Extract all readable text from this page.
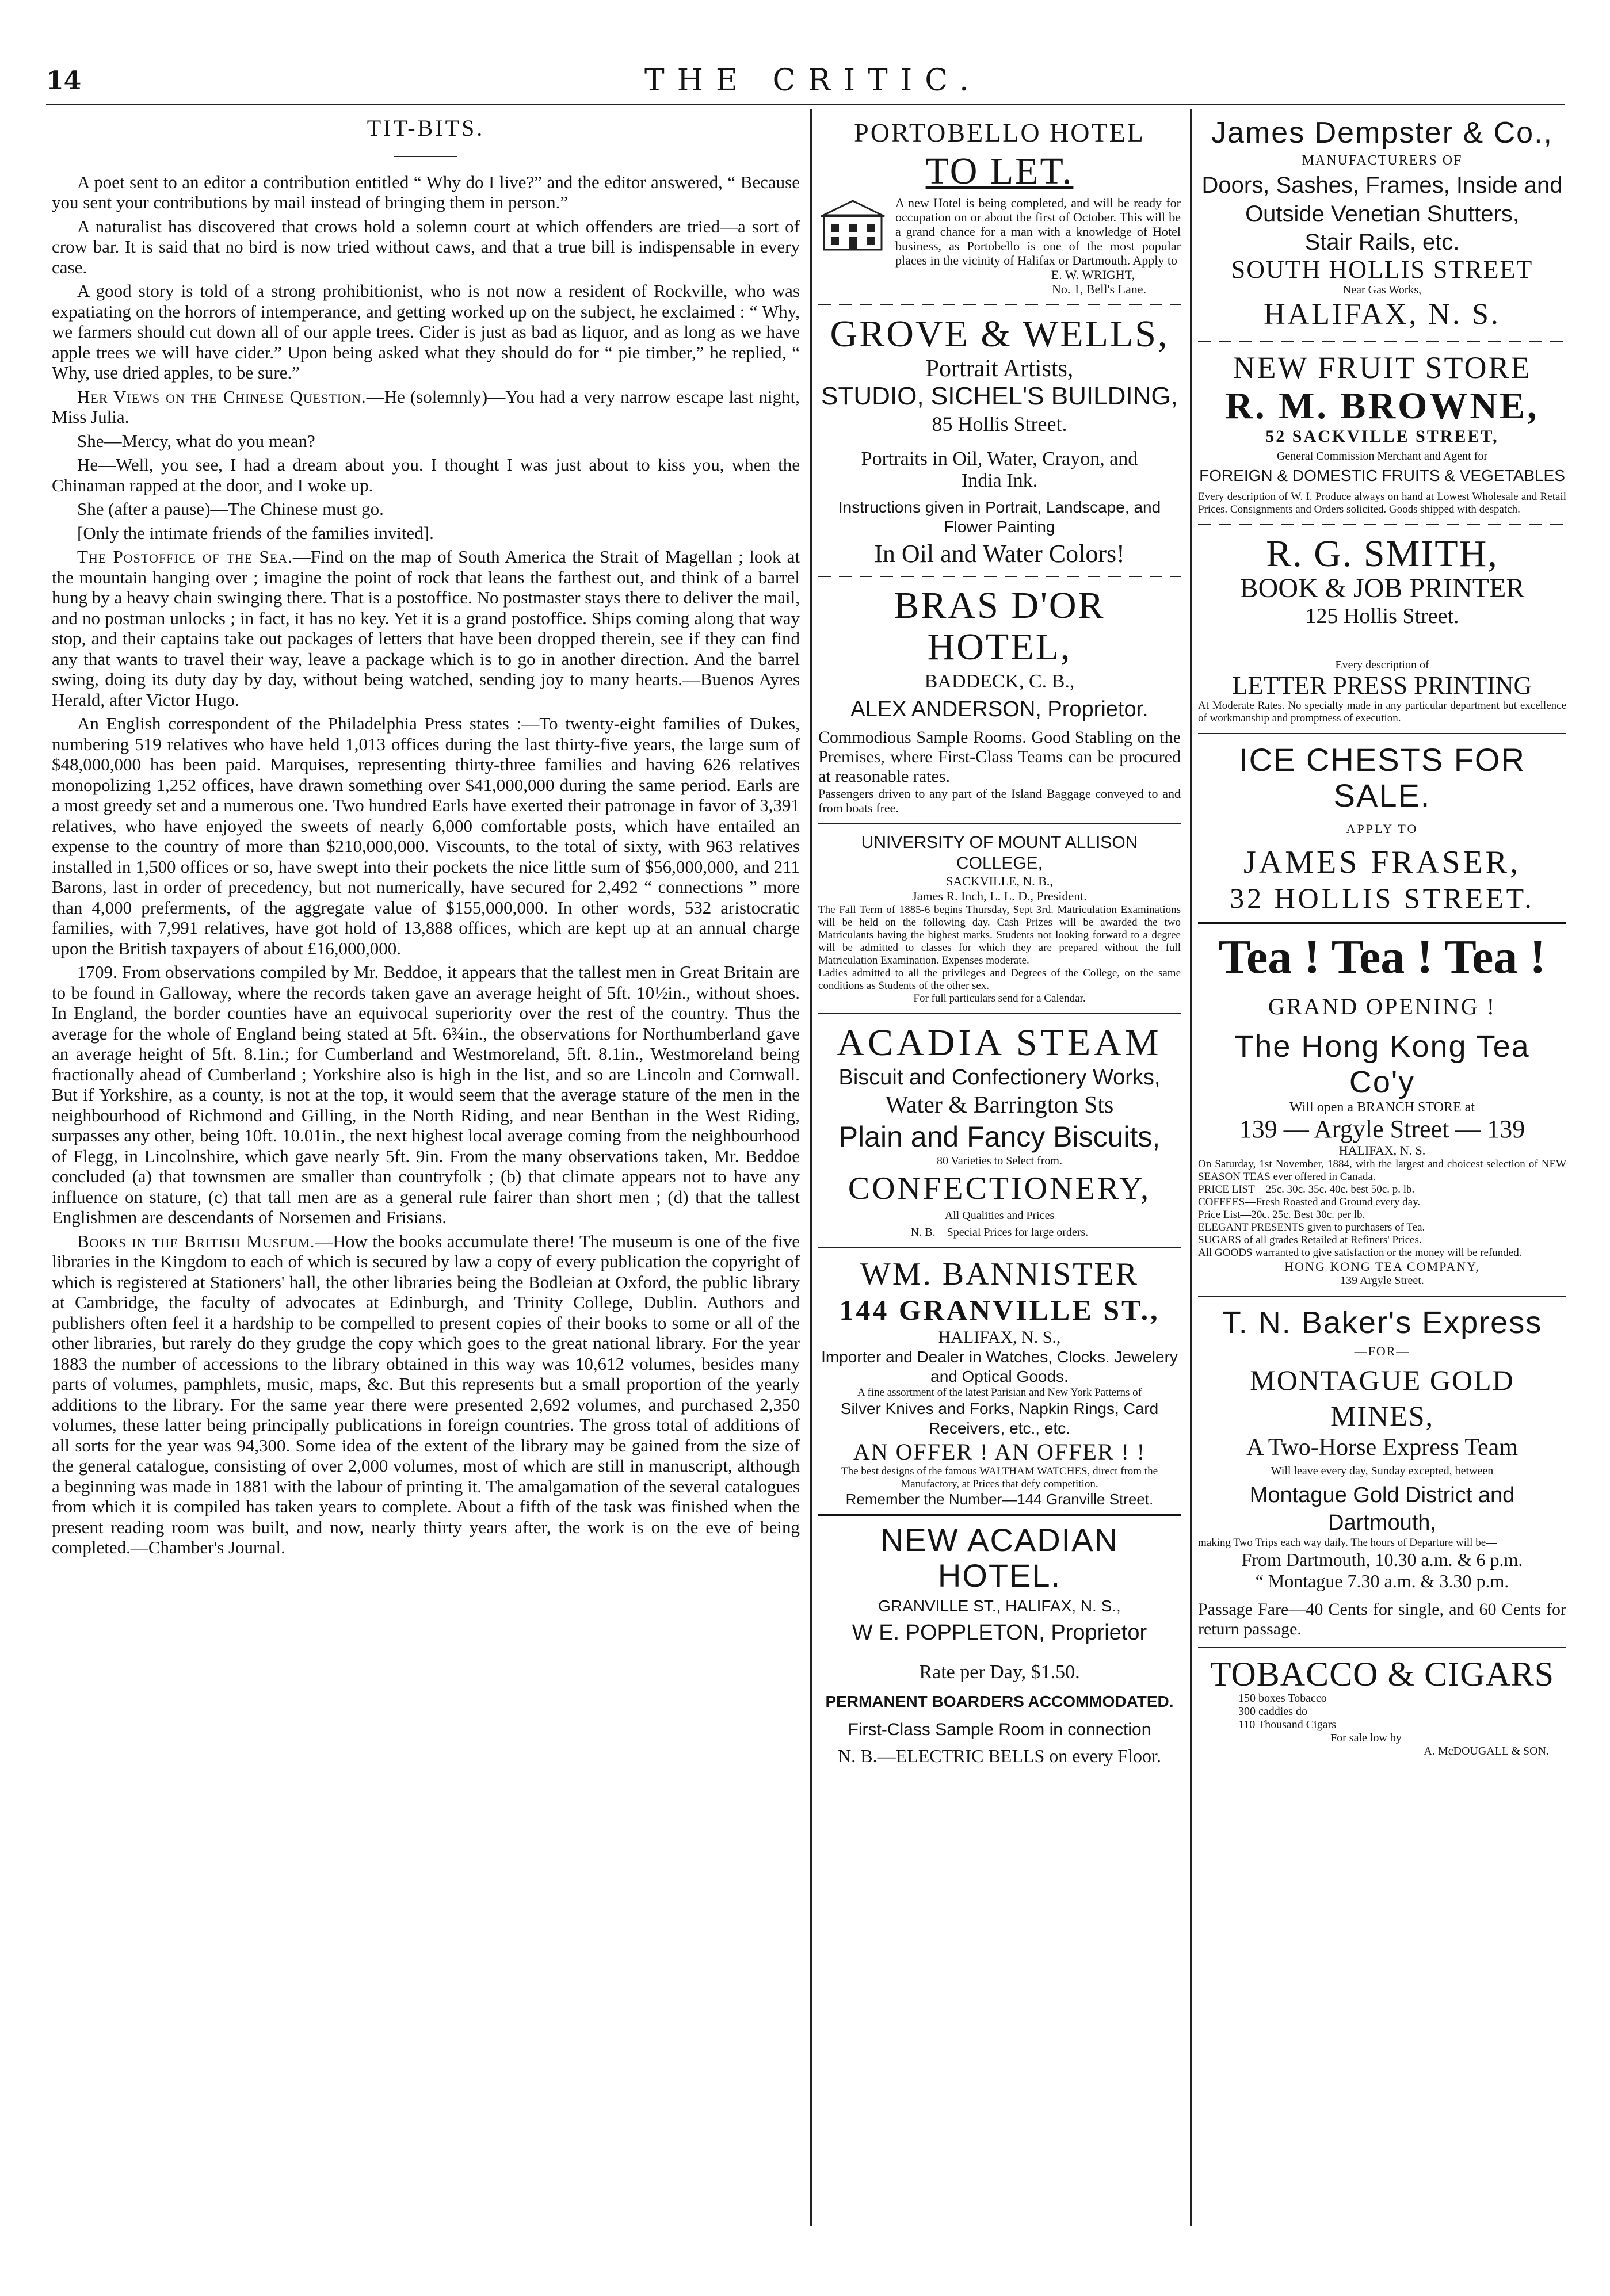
14	THE CRITIC.
TIT-BITS.

A poet sent to an editor a contribution entitled “ Why do I live?” and the editor answered, “ Because you sent your contributions by mail instead of bringing them in person.”

A naturalist has discovered that crows hold a solemn court at which offenders are tried—a sort of crow bar. It is said that no bird is now tried without caws, and that a true bill is indispensable in every case.

A good story is told of a strong prohibitionist, who is not now a resident of Rockville, who was expatiating on the horrors of intemperance, and getting worked up on the subject, he exclaimed : “ Why, we farmers should cut down all of our apple trees. Cider is just as bad as liquor, and as long as we have apple trees we will have cider.” Upon being asked what they should do for “ pie timber,” he replied, “ Why, use dried apples, to be sure.”

Her Views on the Chinese Question.—He (solemnly)—You had a very narrow escape last night, Miss Julia.

She—Mercy, what do you mean?

He—Well, you see, I had a dream about you. I thought I was just about to kiss you, when the Chinaman rapped at the door, and I woke up.

She (after a pause)—The Chinese must go.

[Only the intimate friends of the families invited].

The Postoffice of the Sea.—Find on the map of South America the Strait of Magellan ; look at the mountain hanging over ; imagine the point of rock that leans the farthest out, and think of a barrel hung by a heavy chain swinging there. That is a postoffice. No postmaster stays there to deliver the mail, and no postman unlocks ; in fact, it has no key. Yet it is a grand postoffice. Ships coming along that way stop, and their captains take out packages of letters that have been dropped therein, see if they can find any that wants to travel their way, leave a package which is to go in another direction. And the barrel swing, doing its duty day by day, without being watched, sending joy to many hearts.—Buenos Ayres Herald, after Victor Hugo.

An English correspondent of the Philadelphia Press states :—To twenty-eight families of Dukes, numbering 519 relatives who have held 1,013 offices during the last thirty-five years, the large sum of $48,000,000 has been paid. Marquises, representing thirty-three families and having 626 relatives monopolizing 1,252 offices, have drawn something over $41,000,000 during the same period. Earls are a most greedy set and a numerous one. Two hundred Earls have exerted their patronage in favor of 3,391 relatives, who have enjoyed the sweets of nearly 6,000 comfortable posts, which have entailed an expense to the country of more than $210,000,000. Viscounts, to the total of sixty, with 963 relatives installed in 1,500 offices or so, have swept into their pockets the nice little sum of $56,000,000, and 211 Barons, last in order of precedency, but not numerically, have secured for 2,492 “ connections ” more than 4,000 preferments, of the aggregate value of $155,000,000. In other words, 532 aristocratic families, with 7,991 relatives, have got hold of 13,888 offices, which are kept up at an annual charge upon the British taxpayers of about £16,000,000.

1709. From observations compiled by Mr. Beddoe, it appears that the tallest men in Great Britain are to be found in Galloway, where the records taken gave an average height of 5ft. 10½in., without shoes. In England, the border counties have an equivocal superiority over the rest of the country. Thus the average for the whole of England being stated at 5ft. 6¾in., the observations for Northumberland gave an average height of 5ft. 8.1in.; for Cumberland and Westmoreland, 5ft. 8.1in., Westmoreland being fractionally ahead of Cumberland ; Yorkshire also is high in the list, and so are Lincoln and Cornwall. But if Yorkshire, as a county, is not at the top, it would seem that the average stature of the men in the neighbourhood of Richmond and Gilling, in the North Riding, and near Benthan in the West Riding, surpasses any other, being 10ft. 10.01in., the next highest local average coming from the neighbourhood of Flegg, in Lincolnshire, which gave nearly 5ft. 9in. From the many observations taken, Mr. Beddoe concluded (a) that townsmen are smaller than countryfolk ; (b) that climate appears not to have any influence on stature, (c) that tall men are as a general rule fairer than short men ; (d) that the tallest Englishmen are descendants of Norsemen and Frisians.

Books in the British Museum.—How the books accumulate there! The museum is one of the five libraries in the Kingdom to each of which is secured by law a copy of every publication the copyright of which is registered at Stationers' hall, the other libraries being the Bodleian at Oxford, the public library at Cambridge, the faculty of advocates at Edinburgh, and Trinity College, Dublin. Authors and publishers often feel it a hardship to be compelled to present copies of their books to some or all of the other libraries, but rarely do they grudge the copy which goes to the great national library. For the year 1883 the number of accessions to the library obtained in this way was 10,612 volumes, besides many parts of volumes, pamphlets, music, maps, &c. But this represents but a small proportion of the yearly additions to the library. For the same year there were presented 2,692 volumes, and purchased 2,350 volumes, these latter being principally publications in foreign countries. The gross total of additions of all sorts for the year was 94,300. Some idea of the extent of the library may be gained from the size of the general catalogue, consisting of over 2,000 volumes, most of which are still in manuscript, although a beginning was made in 1881 with the labour of printing it. The amalgamation of the several catalogues from which it is compiled has taken years to complete. About a fifth of the task was finished when the present reading room was built, and now, nearly thirty years after, the work is on the eve of being completed.—Chamber's Journal.

PORTOBELLO HOTEL
TO LET.
A new Hotel is being completed, and will be ready for occupation on or about the first of October. This will be a grand chance for a man with a knowledge of Hotel business, as Portobello is one of the most popular places in the vicinity of Halifax or Dartmouth. Apply to
E. W. WRIGHT,
No. 1, Bell's Lane.
GROVE & WELLS,
Portrait Artists,
STUDIO, SICHEL'S BUILDING,
85 Hollis Street.
Portraits in Oil, Water, Crayon, and India Ink.
Instructions given in Portrait, Landscape, and Flower Painting
In Oil and Water Colors!
BRAS D'OR HOTEL,
BADDECK, C. B.,
ALEX ANDERSON, Proprietor.
Commodious Sample Rooms. Good Stabling on the Premises, where First-Class Teams can be procured at reasonable rates.
Passengers driven to any part of the Island Baggage conveyed to and from boats free.
UNIVERSITY OF MOUNT ALLISON COLLEGE,
SACKVILLE, N. B.,
James R. Inch, L. L. D., President.
The Fall Term of 1885-6 begins Thursday, Sept 3rd. Matriculation Examinations will be held on the following day. Cash Prizes will be awarded the two Matriculants having the highest marks. Students not looking forward to a degree will be admitted to classes for which they are prepared without the full Matriculation Examination. Expenses moderate.
Ladies admitted to all the privileges and Degrees of the College, on the same conditions as Students of the other sex.
For full particulars send for a Calendar.
ACADIA STEAM
Biscuit and Confectionery Works,
Water & Barrington Sts
Plain and Fancy Biscuits,
80 Varieties to Select from.
CONFECTIONERY,
All Qualities and Prices
N. B.—Special Prices for large orders.
WM. BANNISTER
144 GRANVILLE ST.,
HALIFAX, N. S.,
Importer and Dealer in Watches, Clocks. Jewelery and Optical Goods.
A fine assortment of the latest Parisian and New York Patterns of
Silver Knives and Forks, Napkin Rings, Card Receivers, etc., etc.
AN OFFER ! AN OFFER ! !
The best designs of the famous WALTHAM WATCHES, direct from the Manufactory, at Prices that defy competition.
Remember the Number—144 Granville Street.
NEW ACADIAN HOTEL.
GRANVILLE ST., HALIFAX, N. S.,
W E. POPPLETON, Proprietor
Rate per Day, $1.50.
PERMANENT BOARDERS ACCOMMODATED.
First-Class Sample Room in connection
N. B.—ELECTRIC BELLS on every Floor.
James Dempster & Co.,
MANUFACTURERS OF
Doors, Sashes, Frames, Inside and Outside Venetian Shutters,
Stair Rails, etc.
SOUTH HOLLIS STREET
Near Gas Works,
HALIFAX, N. S.
NEW FRUIT STORE
R. M. BROWNE,
52 SACKVILLE STREET,
General Commission Merchant and Agent for
FOREIGN & DOMESTIC FRUITS & VEGETABLES
Every description of W. I. Produce always on hand at Lowest Wholesale and Retail Prices. Consignments and Orders solicited. Goods shipped with despatch.
R. G. SMITH,
BOOK & JOB PRINTER
125 Hollis Street.
Every description of
LETTER PRESS PRINTING
At Moderate Rates. No specialty made in any particular department but excellence of workmanship and promptness of execution.
ICE CHESTS FOR SALE.
APPLY TO
JAMES FRASER,
32 HOLLIS STREET.
Tea ! Tea ! Tea !
GRAND OPENING !
The Hong Kong Tea Co'y
Will open a BRANCH STORE at
139 — Argyle Street — 139
HALIFAX, N. S.
On Saturday, 1st November, 1884, with the largest and choicest selection of NEW SEASON TEAS ever offered in Canada.
PRICE LIST—25c. 30c. 35c. 40c. best 50c. p. lb.
COFFEES—Fresh Roasted and Ground every day.
Price List—20c. 25c. Best 30c. per lb.
ELEGANT PRESENTS given to purchasers of Tea.
SUGARS of all grades Retailed at Refiners' Prices.
All GOODS warranted to give satisfaction or the money will be refunded.
HONG KONG TEA COMPANY,
139 Argyle Street.
T. N. Baker's Express
—FOR—
MONTAGUE GOLD MINES,
A Two-Horse Express Team
Will leave every day, Sunday excepted, between
Montague Gold District and Dartmouth,
making Two Trips each way daily. The hours of Departure will be—
From Dartmouth, 10.30 a.m. & 6 p.m.
“ Montague 7.30 a.m. & 3.30 p.m.
Passage Fare—40 Cents for single, and 60 Cents for return passage.
TOBACCO & CIGARS
150 boxes Tobacco
300 caddies do
110 Thousand Cigars
For sale low by
A. McDOUGALL & SON.
